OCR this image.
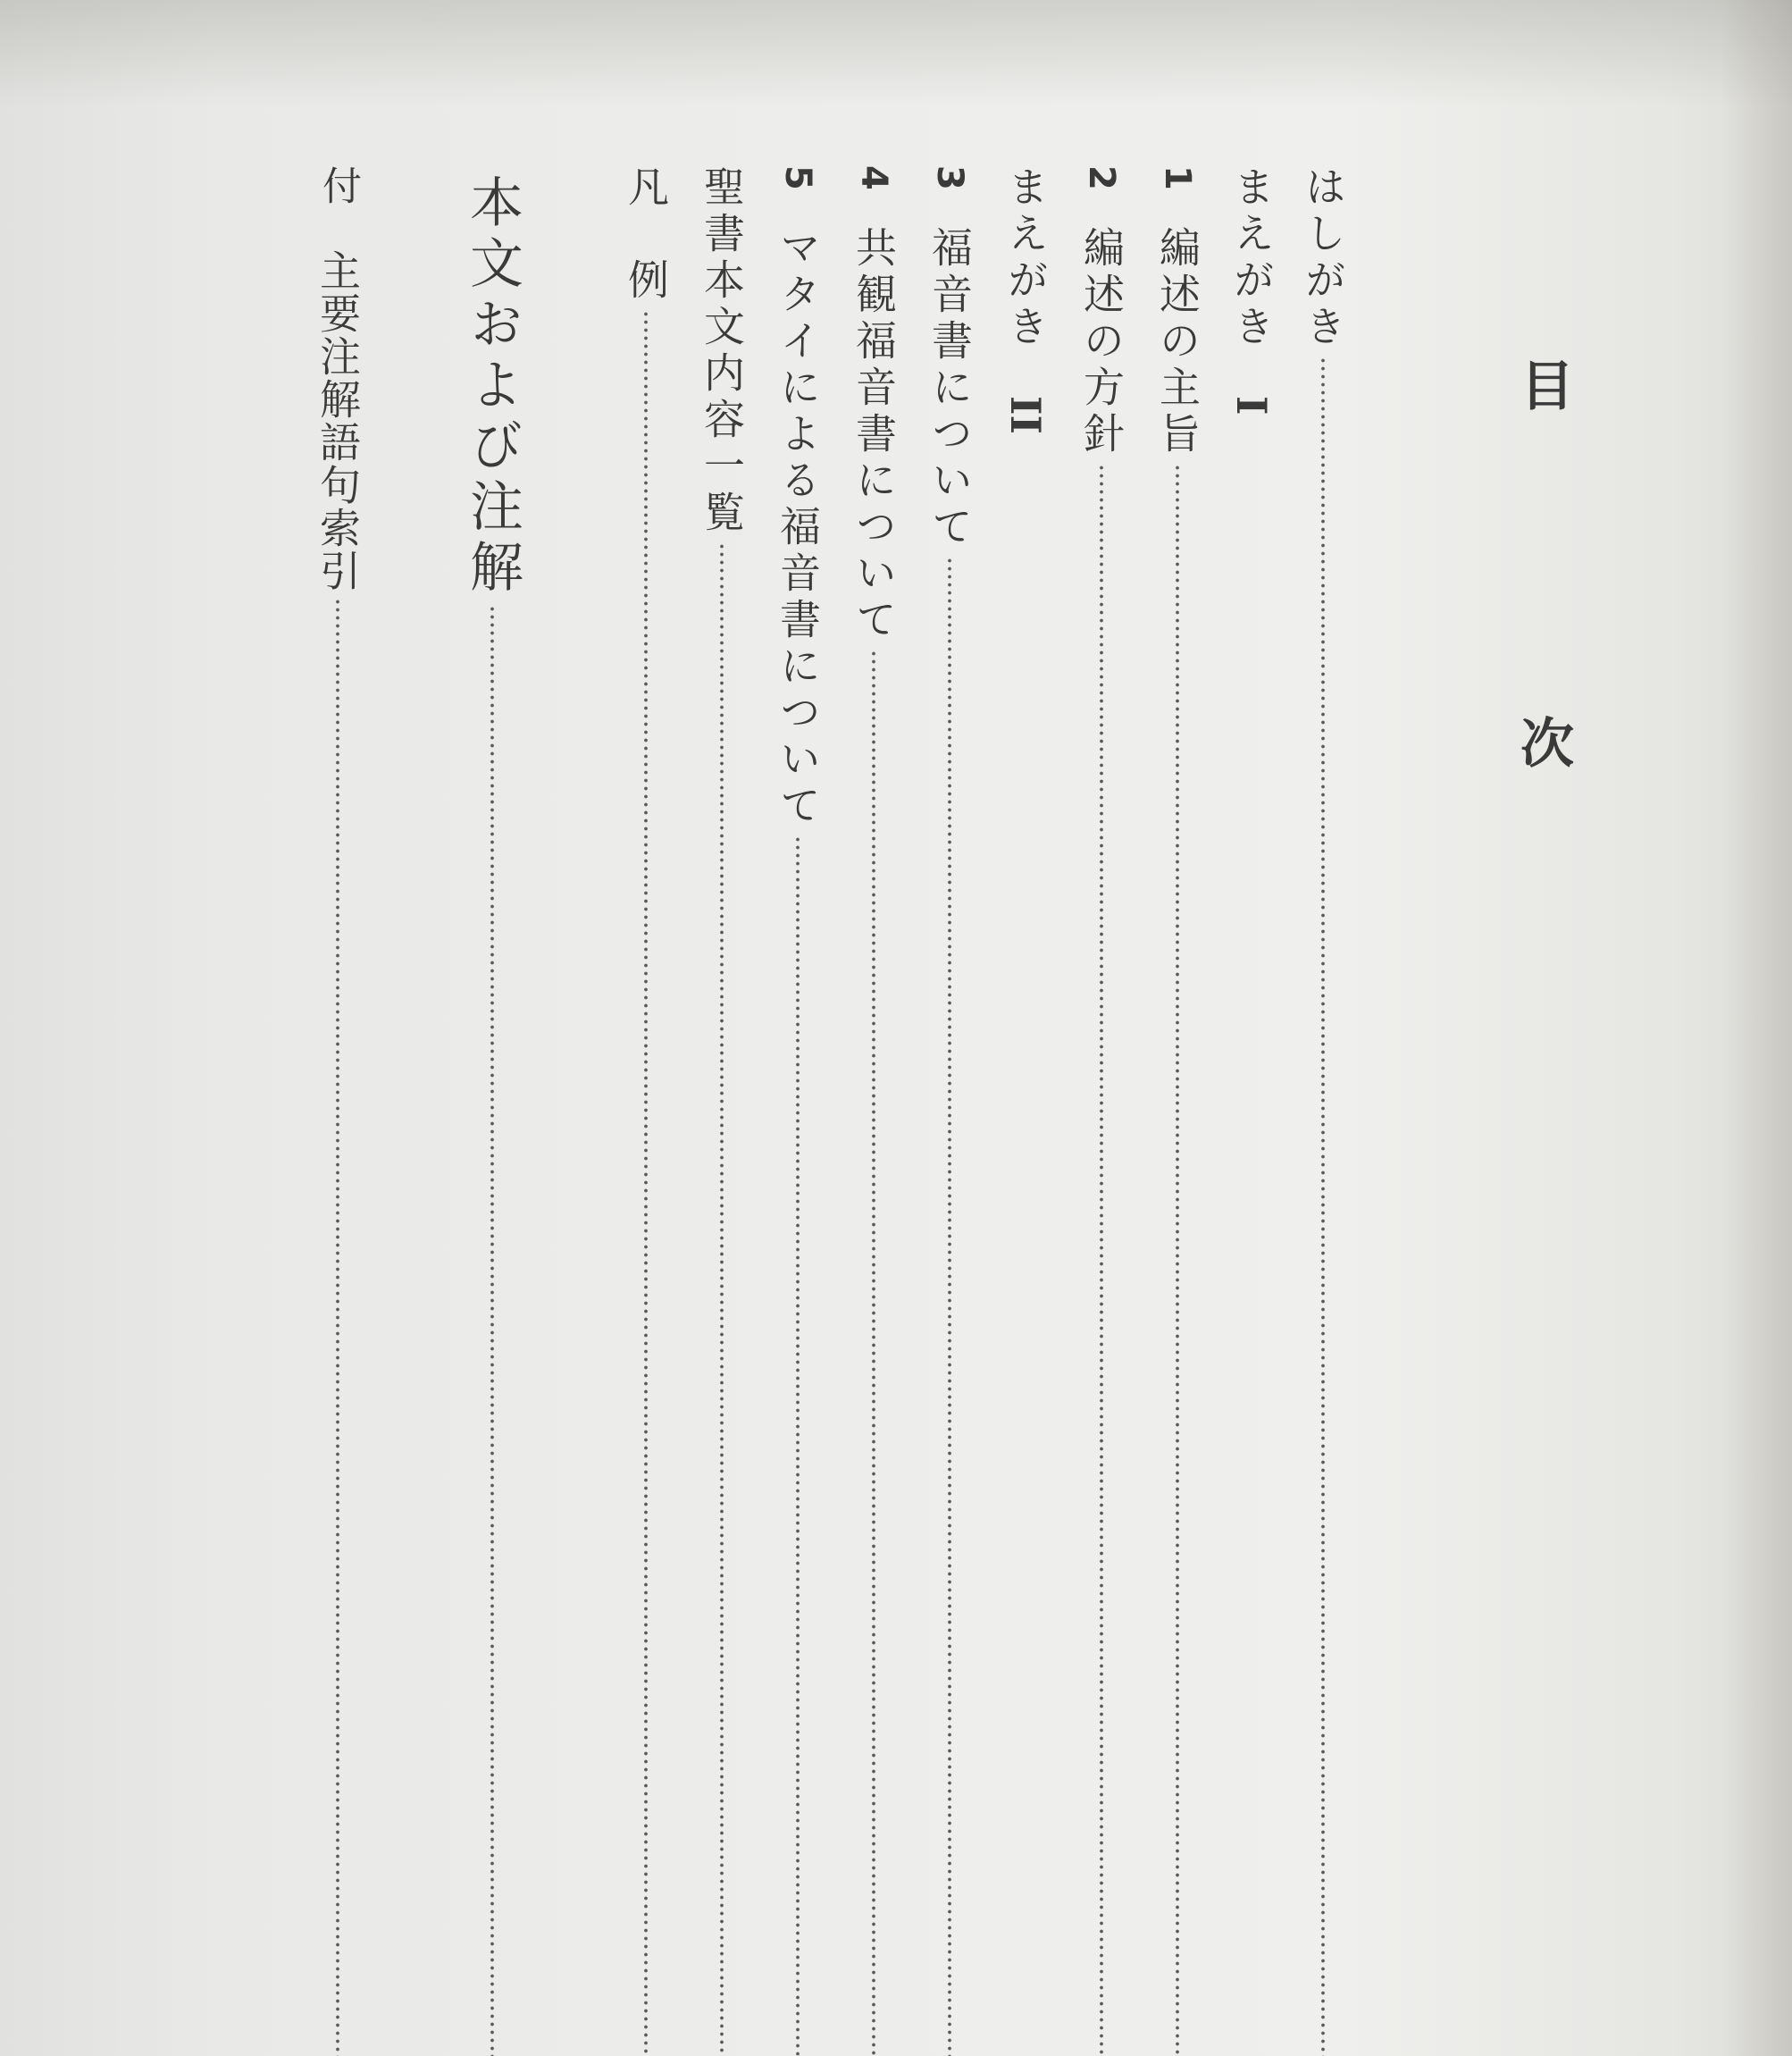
目　次
はしがき
まえがき
I
1
編述の主旨
2
編述の方針
まえがき
II
3
福音書について
4
共観福音書について
5
マタイによる福音書について
聖書本文内容一覧
凡　例
本文および注解
付
主要注解語句索引
